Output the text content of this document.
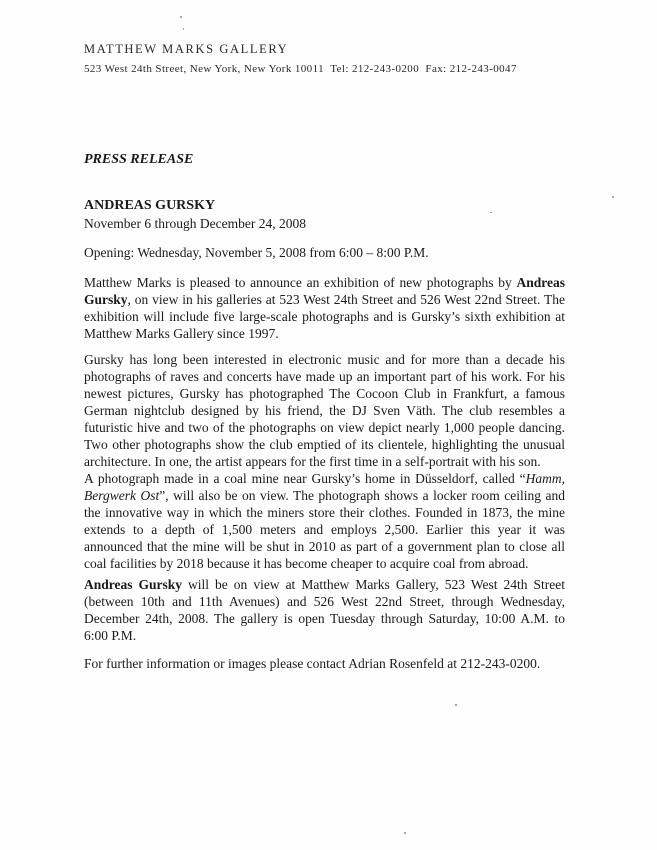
MATTHEW MARKS GALLERY
523 West 24th Street, New York, New York 10011 Tel: 212-243-0200 Fax: 212-243-0047
PRESS RELEASE
ANDREAS GURSKY
November 6 through December 24, 2008
Opening: Wednesday, November 5, 2008 from 6:00 – 8:00 P.M.

Matthew Marks is pleased to announce an exhibition of new photographs by Andreas Gursky, on view in his galleries at 523 West 24th Street and 526 West 22nd Street. The exhibition will include five large-scale photographs and is Gursky’s sixth exhibition at Matthew Marks Gallery since 1997.

Gursky has long been interested in electronic music and for more than a decade his photographs of raves and concerts have made up an important part of his work. For his newest pictures, Gursky has photographed The Cocoon Club in Frankfurt, a famous German nightclub designed by his friend, the DJ Sven Väth. The club resembles a futuristic hive and two of the photographs on view depict nearly 1,000 people dancing. Two other photographs show the club emptied of its clientele, highlighting the unusual architecture. In one, the artist appears for the first time in a self-portrait with his son.

A photograph made in a coal mine near Gursky’s home in Düsseldorf, called “Hamm, Bergwerk Ost”, will also be on view. The photograph shows a locker room ceiling and the innovative way in which the miners store their clothes. Founded in 1873, the mine extends to a depth of 1,500 meters and employs 2,500. Earlier this year it was announced that the mine will be shut in 2010 as part of a government plan to close all coal facilities by 2018 because it has become cheaper to acquire coal from abroad.

Andreas Gursky will be on view at Matthew Marks Gallery, 523 West 24th Street (between 10th and 11th Avenues) and 526 West 22nd Street, through Wednesday, December 24th, 2008. The gallery is open Tuesday through Saturday, 10:00 A.M. to 6:00 P.M.

For further information or images please contact Adrian Rosenfeld at 212-243-0200.
